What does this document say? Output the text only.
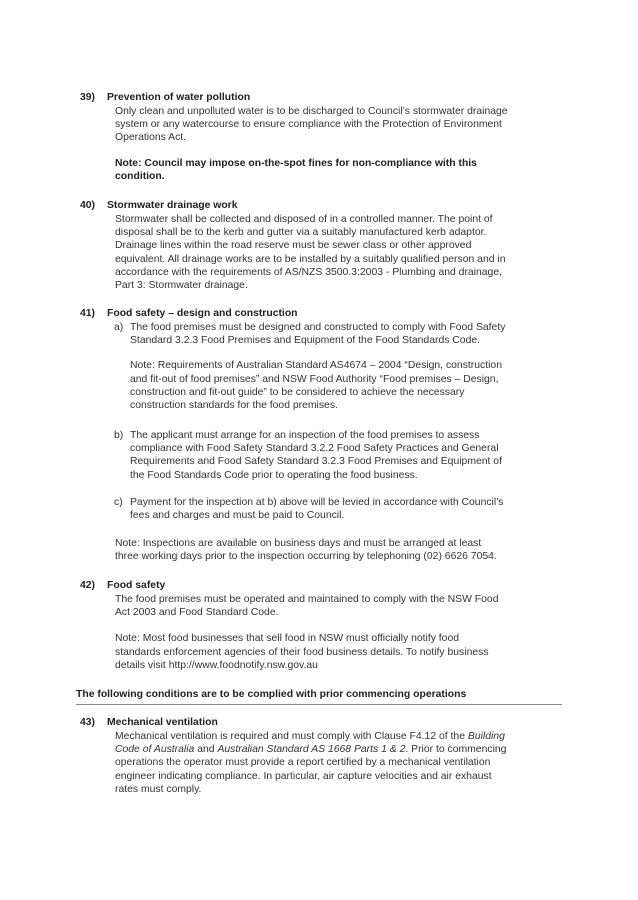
39) Prevention of water pollution

Only clean and unpolluted water is to be discharged to Council’s stormwater drainage

system or any watercourse to ensure compliance with the Protection of Environment

Operations Act.

Note: Council may impose on-the-spot fines for non-compliance with this

condition.

40) Stormwater drainage work

Stormwater shall be collected and disposed of in a controlled manner. The point of

disposal shall be to the kerb and gutter via a suitably manufactured kerb adaptor.

Drainage lines within the road reserve must be sewer class or other approved

equivalent. All drainage works are to be installed by a suitably qualified person and in

accordance with the requirements of AS/NZS 3500.3:2003 - Plumbing and drainage,

Part 3: Stormwater drainage.

41) Food safety – design and construction
a) The food premises must be designed and constructed to comply with Food Safety

Standard 3.2.3 Food Premises and Equipment of the Food Standards Code.

Note: Requirements of Australian Standard AS4674 – 2004 “Design, construction

and fit-out of food premises” and NSW Food Authority “Food premises – Design,

construction and fit-out guide” to be considered to achieve the necessary

construction standards for the food premises.

b) The applicant must arrange for an inspection of the food premises to assess

compliance with Food Safety Standard 3.2.2 Food Safety Practices and General

Requirements and Food Safety Standard 3.2.3 Food Premises and Equipment of

the Food Standards Code prior to operating the food business.

c) Payment for the inspection at b) above will be levied in accordance with Council’s

fees and charges and must be paid to Council.

Note: Inspections are available on business days and must be arranged at least

three working days prior to the inspection occurring by telephoning (02) 6626 7054.

42) Food safety

The food premises must be operated and maintained to comply with the NSW Food

Act 2003 and Food Standard Code.

Note: Most food businesses that sell food in NSW must officially notify food

standards enforcement agencies of their food business details. To notify business

details visit http://www.foodnotify.nsw.gov.au

The following conditions are to be complied with prior commencing operations
43) Mechanical ventilation

Mechanical ventilation is required and must comply with Clause F4.12 of the Building

Code of Australia and Australian Standard AS 1668 Parts 1 & 2. Prior to commencing

operations the operator must provide a report certified by a mechanical ventilation

engineer indicating compliance. In particular, air capture velocities and air exhaust

rates must comply.
